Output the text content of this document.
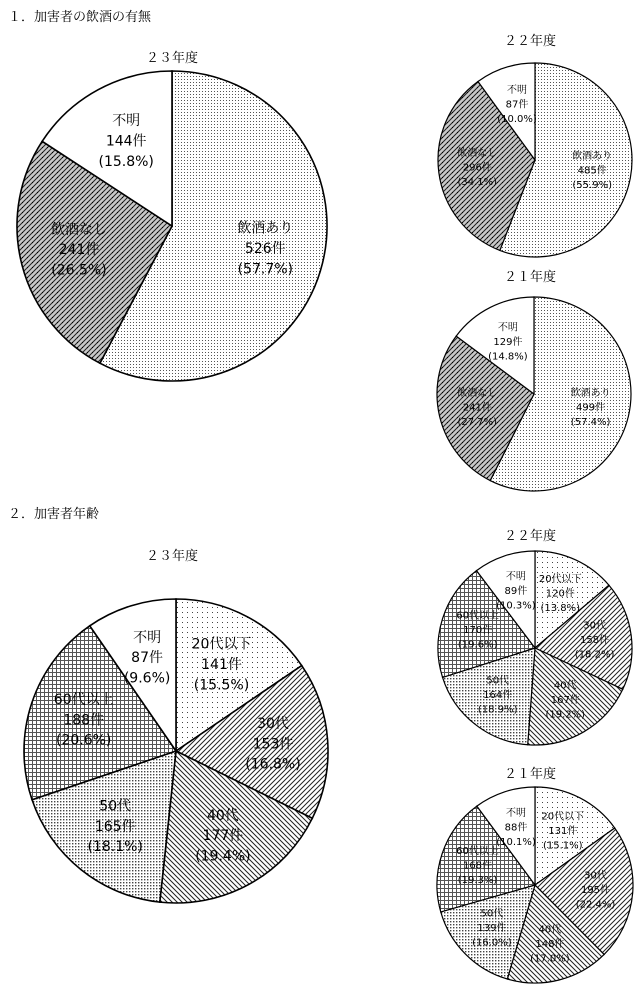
１．加害者の飲酒の有無
２．加害者年齢
２３年度
２２年度
２１年度
２３年度
２２年度
２１年度
飲酒あり
526件
(57.7%)
飲酒なし
241件
(26.5%)
不明
144件
(15.8%)	飲酒あり
485件
(55.9%)
飲酒なし
296件
(34.1%)
不明
87件
(10.0%)
飲酒あり
499件
(57.4%)
飲酒なし
241件
(27.7%)
不明
129件
(14.8%)
20代以下
141件
(15.5%)
30代
153件
(16.8%)
40代
177件
(19.4%)
50代
165件
(18.1%)
60代以上
188件
(20.6%)
不明
87件
(9.6%)
20代以下
120件
(13.8%)
30代
158件
(18.2%)
40代
167件
(19.2%)
50代
164件
(18.9%)
60代以上
170件
(19.6%)
不明
89件
(10.3%)
20代以下
131件
(15.1%)
30代
195件
(22.4%)
40代
148件
(17.0%)
50代
139件
(16.0%)
60代以上
168件
(19.3%)
不明
88件
(10.1%)
